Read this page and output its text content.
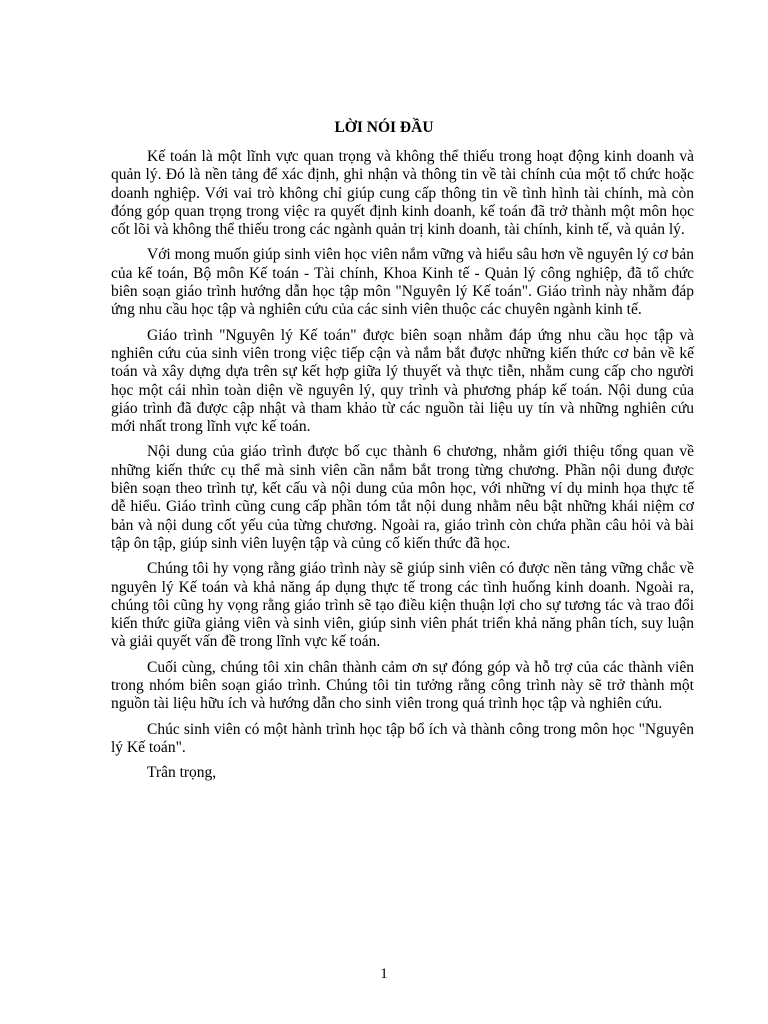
LỜI NÓI ĐẦU

Kế toán là một lĩnh vực quan trọng và không thể thiếu trong hoạt động kinh doanh và quản lý. Đó là nền tảng để xác định, ghi nhận và thông tin về tài chính của một tổ chức hoặc doanh nghiệp. Với vai trò không chỉ giúp cung cấp thông tin về tình hình tài chính, mà còn đóng góp quan trọng trong việc ra quyết định kinh doanh, kế toán đã trở thành một môn học cốt lõi và không thể thiếu trong các ngành quản trị kinh doanh, tài chính, kinh tế, và quản lý.

Với mong muốn giúp sinh viên học viên nắm vững và hiểu sâu hơn về nguyên lý cơ bản của kế toán, Bộ môn Kế toán - Tài chính, Khoa Kinh tế - Quản lý công nghiệp, đã tổ chức biên soạn giáo trình hướng dẫn học tập môn "Nguyên lý Kế toán". Giáo trình này nhằm đáp ứng nhu cầu học tập và nghiên cứu của các sinh viên thuộc các chuyên ngành kinh tế.

Giáo trình "Nguyên lý Kế toán" được biên soạn nhằm đáp ứng nhu cầu học tập và nghiên cứu của sinh viên trong việc tiếp cận và nắm bắt được những kiến thức cơ bản về kế toán và xây dựng dựa trên sự kết hợp giữa lý thuyết và thực tiễn, nhằm cung cấp cho người học một cái nhìn toàn diện về nguyên lý, quy trình và phương pháp kế toán. Nội dung của giáo trình đã được cập nhật và tham khảo từ các nguồn tài liệu uy tín và những nghiên cứu mới nhất trong lĩnh vực kế toán.

Nội dung của giáo trình được bố cục thành 6 chương, nhằm giới thiệu tổng quan về những kiến thức cụ thể mà sinh viên cần nắm bắt trong từng chương. Phần nội dung được biên soạn theo trình tự, kết cấu và nội dung của môn học, với những ví dụ minh họa thực tế dễ hiểu. Giáo trình cũng cung cấp phần tóm tắt nội dung nhằm nêu bật những khái niệm cơ bản và nội dung cốt yếu của từng chương. Ngoài ra, giáo trình còn chứa phần câu hỏi và bài tập ôn tập, giúp sinh viên luyện tập và củng cố kiến thức đã học.

Chúng tôi hy vọng rằng giáo trình này sẽ giúp sinh viên có được nền tảng vững chắc về nguyên lý Kế toán và khả năng áp dụng thực tế trong các tình huống kinh doanh. Ngoài ra, chúng tôi cũng hy vọng rằng giáo trình sẽ tạo điều kiện thuận lợi cho sự tương tác và trao đổi kiến thức giữa giảng viên và sinh viên, giúp sinh viên phát triển khả năng phân tích, suy luận và giải quyết vấn đề trong lĩnh vực kế toán.

Cuối cùng, chúng tôi xin chân thành cảm ơn sự đóng góp và hỗ trợ của các thành viên trong nhóm biên soạn giáo trình. Chúng tôi tin tưởng rằng công trình này sẽ trở thành một nguồn tài liệu hữu ích và hướng dẫn cho sinh viên trong quá trình học tập và nghiên cứu.

Chúc sinh viên có một hành trình học tập bổ ích và thành công trong môn học "Nguyên lý Kế toán".

Trân trọng,

1
